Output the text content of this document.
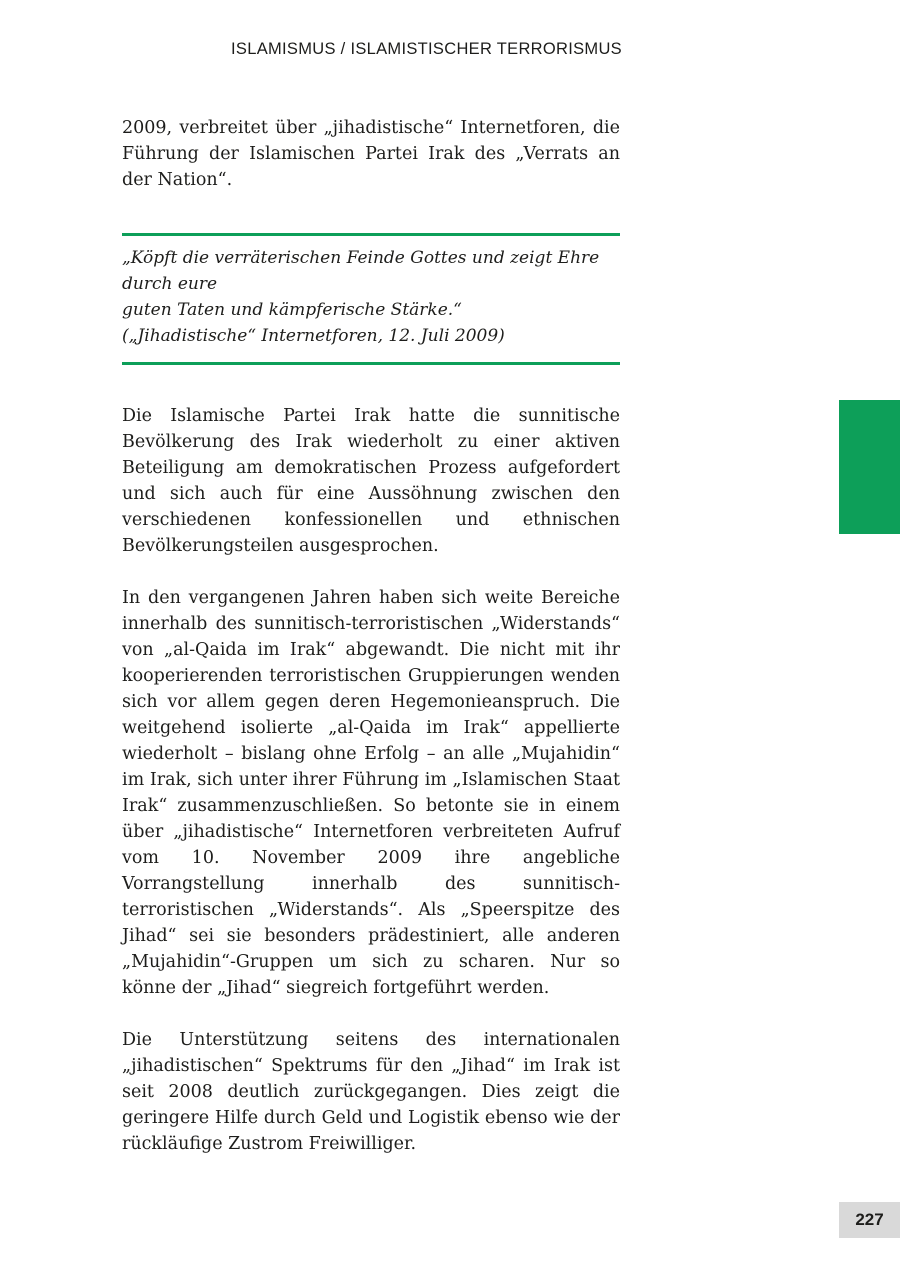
ISLAMISMUS / ISLAMISTISCHER TERRORISMUS

2009, verbreitet über „jihadistische“ Internetforen, die Führung der Islamischen Partei Irak des „Verrats an der Nation“.

„Köpft die verräterischen Feinde Gottes und zeigt Ehre durch eure
guten Taten und kämpferische Stärke.“
(„Jihadistische“ Internetforen, 12. Juli 2009)

Die Islamische Partei Irak hatte die sunnitische Bevölkerung des Irak wiederholt zu einer aktiven Beteiligung am demokratischen Prozess aufgefordert und sich auch für eine Aussöhnung zwischen den verschiedenen konfessionellen und ethnischen Bevölkerungsteilen ausgesprochen.

In den vergangenen Jahren haben sich weite Bereiche innerhalb des sunnitisch-terroristischen „Widerstands“ von „al-Qaida im Irak“ abgewandt. Die nicht mit ihr kooperierenden terroristischen Gruppierungen wenden sich vor allem gegen deren Hegemonieanspruch. Die weitgehend isolierte „al-Qaida im Irak“ appellierte wiederholt – bislang ohne Erfolg – an alle „Mujahidin“ im Irak, sich unter ihrer Führung im „Islamischen Staat Irak“ zusammenzuschließen. So betonte sie in einem über „jihadistische“ Internetforen verbreiteten Aufruf vom 10. November 2009 ihre angebliche Vorrangstellung innerhalb des sunnitisch-terroristischen „Widerstands“. Als „Speerspitze des Jihad“ sei sie besonders prädestiniert, alle anderen „Mujahidin“-Gruppen um sich zu scharen. Nur so könne der „Jihad“ siegreich fortgeführt werden.

Die Unterstützung seitens des internationalen „jihadistischen“ Spektrums für den „Jihad“ im Irak ist seit 2008 deutlich zurückgegangen. Dies zeigt die geringere Hilfe durch Geld und Logistik ebenso wie der rückläufige Zustrom Freiwilliger.

227
